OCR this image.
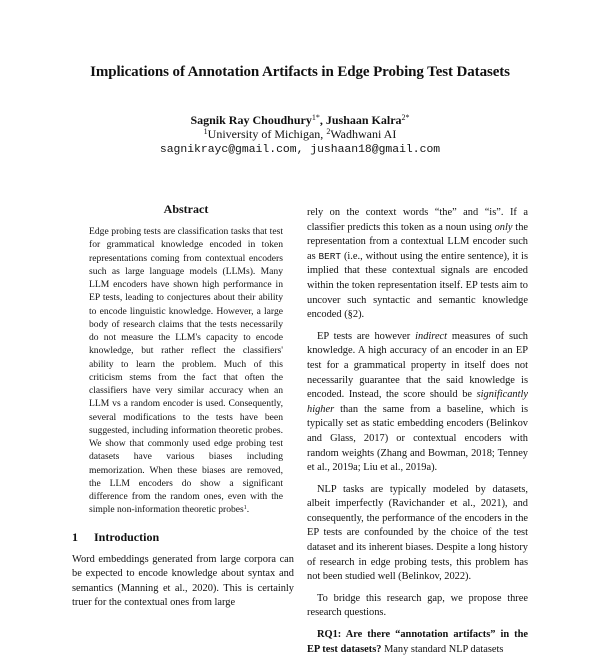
Implications of Annotation Artifacts in Edge Probing Test Datasets
Sagnik Ray Choudhury$^{1*}$, Jushaan Kalra$^{2*}$
$^1$University of Michigan, $^2$Wadhwani AI
sagnikrayc@gmail.com, jushaan18@gmail.com
Abstract

Edge probing tests are classification tasks that test for grammatical knowledge encoded in token representations coming from contextual encoders such as large language models (LLMs). Many LLM encoders have shown high performance in EP tests, leading to conjectures about their ability to encode linguistic knowledge. However, a large body of research claims that the tests necessarily do not measure the LLM's capacity to encode knowledge, but rather reflect the classifiers' ability to learn the problem. Much of this criticism stems from the fact that often the classifiers have very similar accuracy when an LLM vs a random encoder is used. Consequently, several modifications to the tests have been suggested, including information theoretic probes. We show that commonly used edge probing test datasets have various biases including memorization. When these biases are removed, the LLM encoders do show a significant difference from the random ones, even with the simple non-information theoretic probes$^1$.

1 Introduction

Word embeddings generated from large corpora can be expected to encode knowledge about syntax and semantics (Manning et al., 2020). This is certainly truer for the contextual ones from large

rely on the context words “the” and “is”. If a classifier predicts this token as a noun using only the representation from a contextual LLM encoder such as BERT (i.e., without using the entire sentence), it is implied that these contextual signals are encoded within the token representation itself. EP tests aim to uncover such syntactic and semantic knowledge encoded (§2).

EP tests are however indirect measures of such knowledge. A high accuracy of an encoder in an EP test for a grammatical property in itself does not necessarily guarantee that the said knowledge is encoded. Instead, the score should be significantly higher than the same from a baseline, which is typically set as static embedding encoders (Belinkov and Glass, 2017) or contextual encoders with random weights (Zhang and Bowman, 2018; Tenney et al., 2019a; Liu et al., 2019a).

NLP tasks are typically modeled by datasets, albeit imperfectly (Ravichander et al., 2021), and consequently, the performance of the encoders in the EP tests are confounded by the choice of the test dataset and its inherent biases. Despite a long history of research in edge probing tests, this problem has not been studied well (Belinkov, 2022).

To bridge this research gap, we propose three research questions.

RQ1: Are there “annotation artifacts” in the EP test datasets? Many standard NLP datasets
